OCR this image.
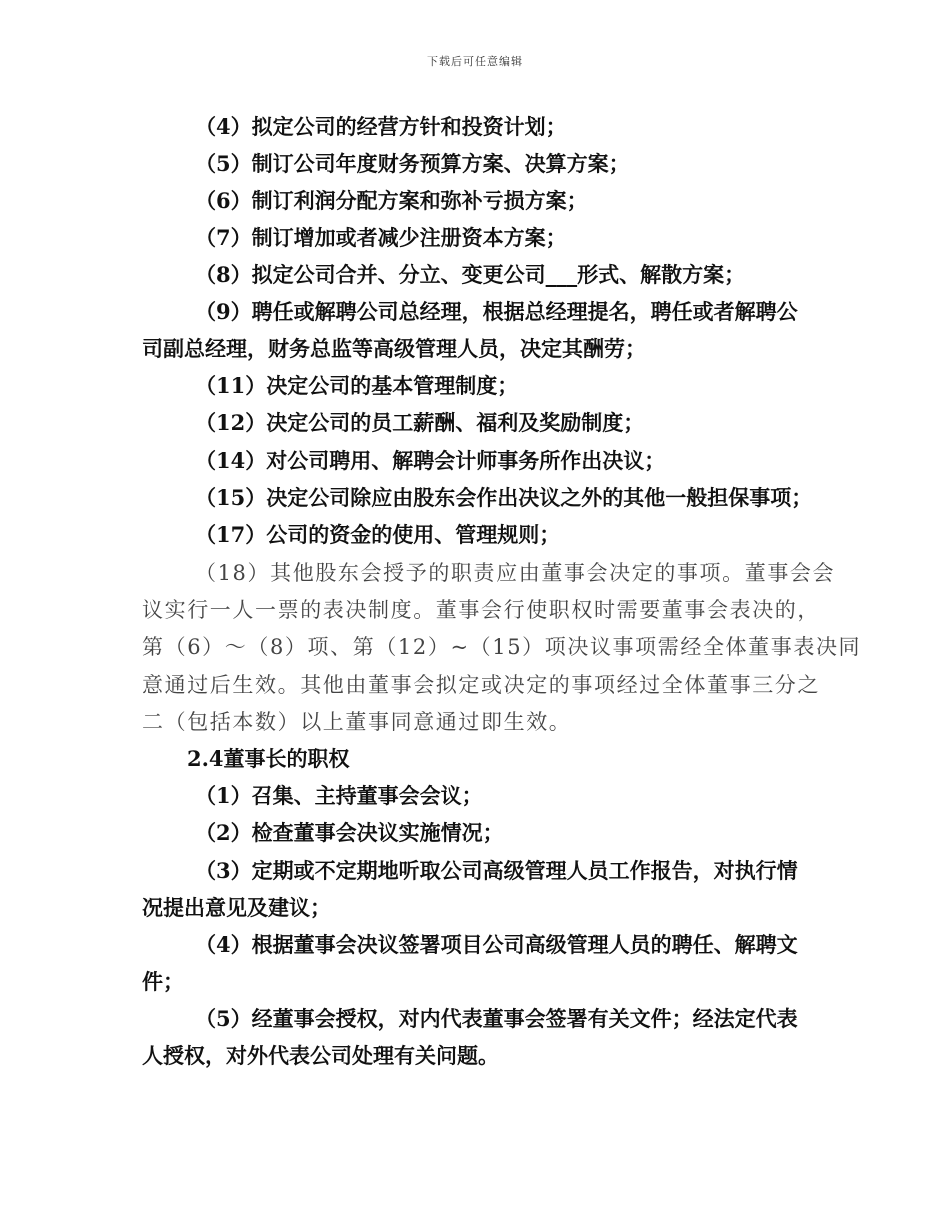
下载后可任意编辑
（4）拟定公司的经营方针和投资计划；
（5）制订公司年度财务预算方案、决算方案；
（6）制订利润分配方案和弥补亏损方案；
（7）制订增加或者减少注册资本方案；
（8）拟定公司合并、分立、变更公司___形式、解散方案；
（9）聘任或解聘公司总经理，根据总经理提名，聘任或者解聘公
司副总经理，财务总监等高级管理人员，决定其酬劳；
（11）决定公司的基本管理制度；
（12）决定公司的员工薪酬、福利及奖励制度；
（14）对公司聘用、解聘会计师事务所作出决议；
（15）决定公司除应由股东会作出决议之外的其他一般担保事项；
（17）公司的资金的使用、管理规则；
（18）其他股东会授予的职责应由董事会决定的事项。董事会会
议实行一人一票的表决制度。董事会行使职权时需要董事会表决的，
第（6）～（8）项、第（12）~（15）项决议事项需经全体董事表决同
意通过后生效。其他由董事会拟定或决定的事项经过全体董事三分之
二（包括本数）以上董事同意通过即生效。
2.4董事长的职权
（1）召集、主持董事会会议；
（2）检查董事会决议实施情况；
（3）定期或不定期地听取公司高级管理人员工作报告，对执行情
况提出意见及建议；
（4）根据董事会决议签署项目公司高级管理人员的聘任、解聘文
件；
（5）经董事会授权，对内代表董事会签署有关文件；经法定代表
人授权，对外代表公司处理有关问题。
